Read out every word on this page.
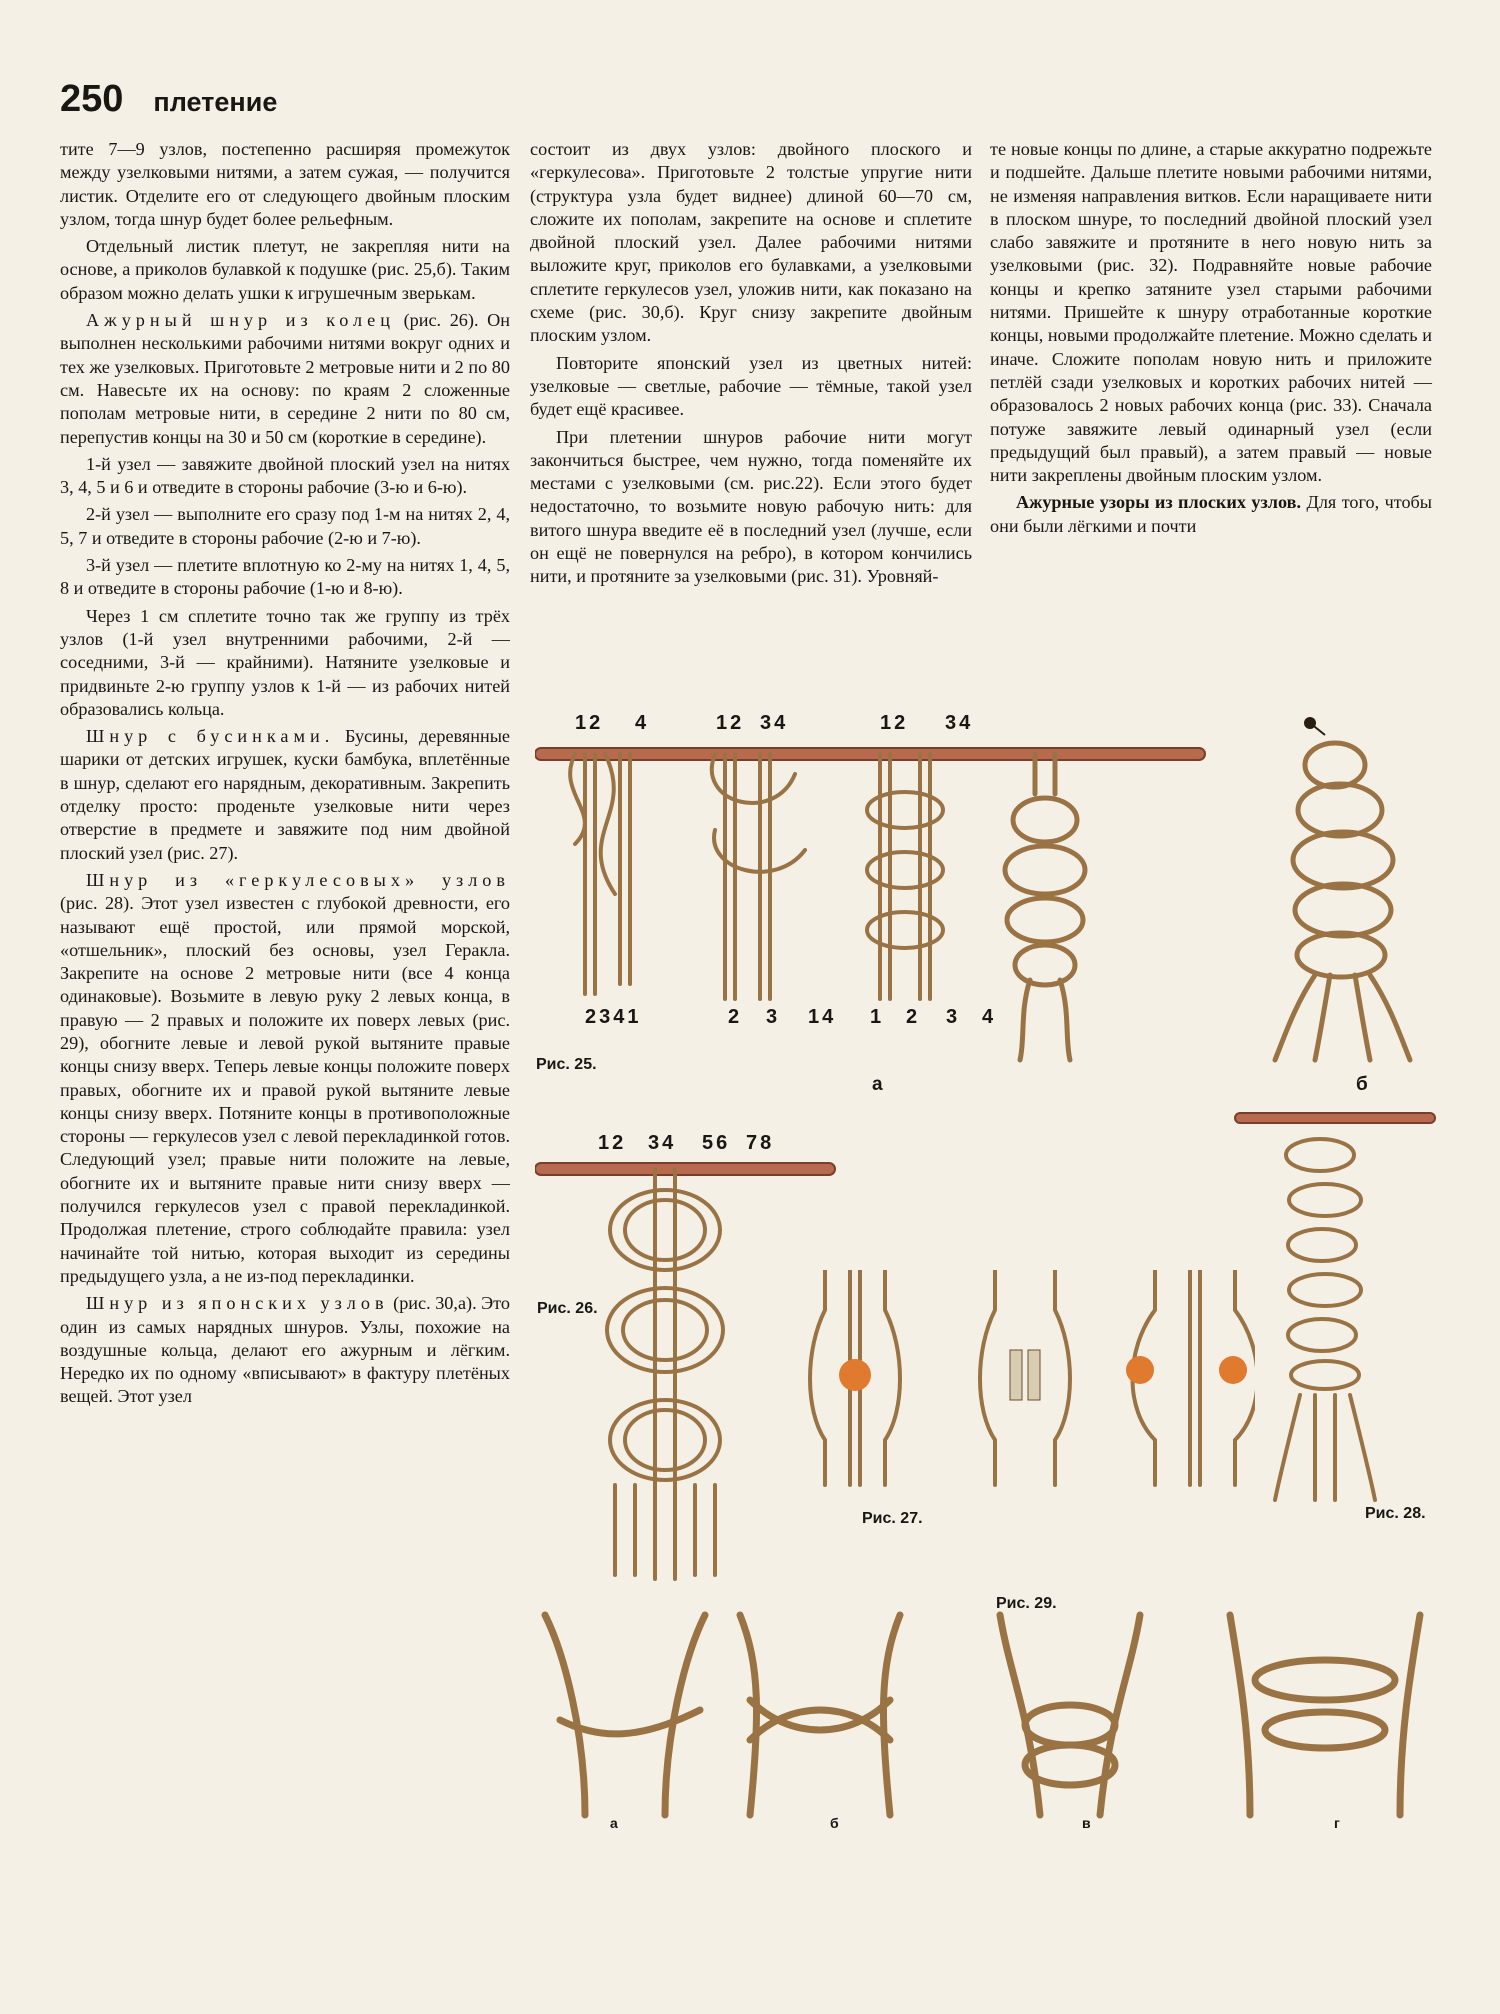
250 плетение

тите 7—9 узлов, постепенно расширяя промежуток между узелковыми нитями, а затем сужая, — получится листик. Отделите его от следующего двойным плоским узлом, тогда шнур будет более рельефным.

Отдельный листик плетут, не закрепляя нити на основе, а приколов булавкой к подушке (рис. 25,б). Таким образом можно делать ушки к игрушечным зверькам.

Ажурный шнур из колец (рис. 26). Он выполнен несколькими рабочими нитями вокруг одних и тех же узелковых. Приготовьте 2 метровые нити и 2 по 80 см. Навесьте их на основу: по краям 2 сложенные пополам метровые нити, в середине 2 нити по 80 см, перепустив концы на 30 и 50 см (короткие в середине).

1-й узел — завяжите двойной плоский узел на нитях 3, 4, 5 и 6 и отведите в стороны рабочие (3-ю и 6-ю).

2-й узел — выполните его сразу под 1-м на нитях 2, 4, 5, 7 и отведите в стороны рабочие (2-ю и 7-ю).

3-й узел — плетите вплотную ко 2-му на нитях 1, 4, 5, 8 и отведите в стороны рабочие (1-ю и 8-ю).

Через 1 см сплетите точно так же группу из трёх узлов (1-й узел внутренними рабочими, 2-й — соседними, 3-й — крайними). Натяните узелковые и придвиньте 2-ю группу узлов к 1-й — из рабочих нитей образовались кольца.

Шнур с бусинками. Бусины, деревянные шарики от детских игрушек, куски бамбука, вплетённые в шнур, сделают его нарядным, декоративным. Закрепить отделку просто: проденьте узелковые нити через отверстие в предмете и завяжите под ним двойной плоский узел (рис. 27).

Шнур из «геркулесовых» узлов (рис. 28). Этот узел известен с глубокой древности, его называют ещё простой, или прямой морской, «отшельник», плоский без основы, узел Геракла. Закрепите на основе 2 метровые нити (все 4 конца одинаковые). Возьмите в левую руку 2 левых конца, в правую — 2 правых и положите их поверх левых (рис. 29), обогните левые и левой рукой вытяните правые концы снизу вверх. Теперь левые концы положите поверх правых, обогните их и правой рукой вытяните левые концы снизу вверх. Потяните концы в противоположные стороны — геркулесов узел с левой перекладинкой готов. Следующий узел; правые нити положите на левые, обогните их и вытяните правые нити снизу вверх — получился геркулесов узел с правой перекладинкой. Продолжая плетение, строго соблюдайте правила: узел начинайте той нитью, которая выходит из середины предыдущего узла, а не из-под перекладинки.

Шнур из японских узлов (рис. 30,а). Это один из самых нарядных шнуров. Узлы, похожие на воздушные кольца, делают его ажурным и лёгким. Нередко их по одному «вписывают» в фактуру плетёных вещей. Этот узел

состоит из двух узлов: двойного плоского и «геркулесова». Приготовьте 2 толстые упругие нити (структура узла будет виднее) длиной 60—70 см, сложите их пополам, закрепите на основе и сплетите двойной плоский узел. Далее рабочими нитями выложите круг, приколов его булавками, а узелковыми сплетите геркулесов узел, уложив нити, как показано на схеме (рис. 30,б). Круг снизу закрепите двойным плоским узлом.

Повторите японский узел из цветных нитей: узелковые — светлые, рабочие — тёмные, такой узел будет ещё красивее.

При плетении шнуров рабочие нити могут закончиться быстрее, чем нужно, тогда поменяйте их местами с узелковыми (см. рис.22). Если этого будет недостаточно, то возьмите новую рабочую нить: для витого шнура введите её в последний узел (лучше, если он ещё не повернулся на ребро), в котором кончились нити, и протяните за узелковыми (рис. 31). Уровняй-

те новые концы по длине, а старые аккуратно подрежьте и подшейте. Дальше плетите новыми рабочими нитями, не изменяя направления витков. Если наращиваете нити в плоском шнуре, то последний двойной плоский узел слабо завяжите и протяните в него новую нить за узелковыми (рис. 32). Подравняйте новые рабочие концы и крепко затяните узел старыми рабочими нитями. Пришейте к шнуру отработанные короткие концы, новыми продолжайте плетение. Можно сделать и иначе. Сложите пополам новую нить и приложите петлёй сзади узелковых и коротких рабочих нитей — образовалось 2 новых рабочих конца (рис. 33). Сначала потуже завяжите левый одинарный узел (если предыдущий был правый), а затем правый — новые нити закреплены двойным плоским узлом.

Ажурные узоры из плоских узлов. Для того, чтобы они были лёгкими и почти

12 4	12 34	12 34
2341	2 3 14 1 2 3 4
Рис. 25.
а	б
12 34 56 78
Рис. 26.
Рис. 27.	Рис. 28.
Рис. 29.
а	б	в	г
